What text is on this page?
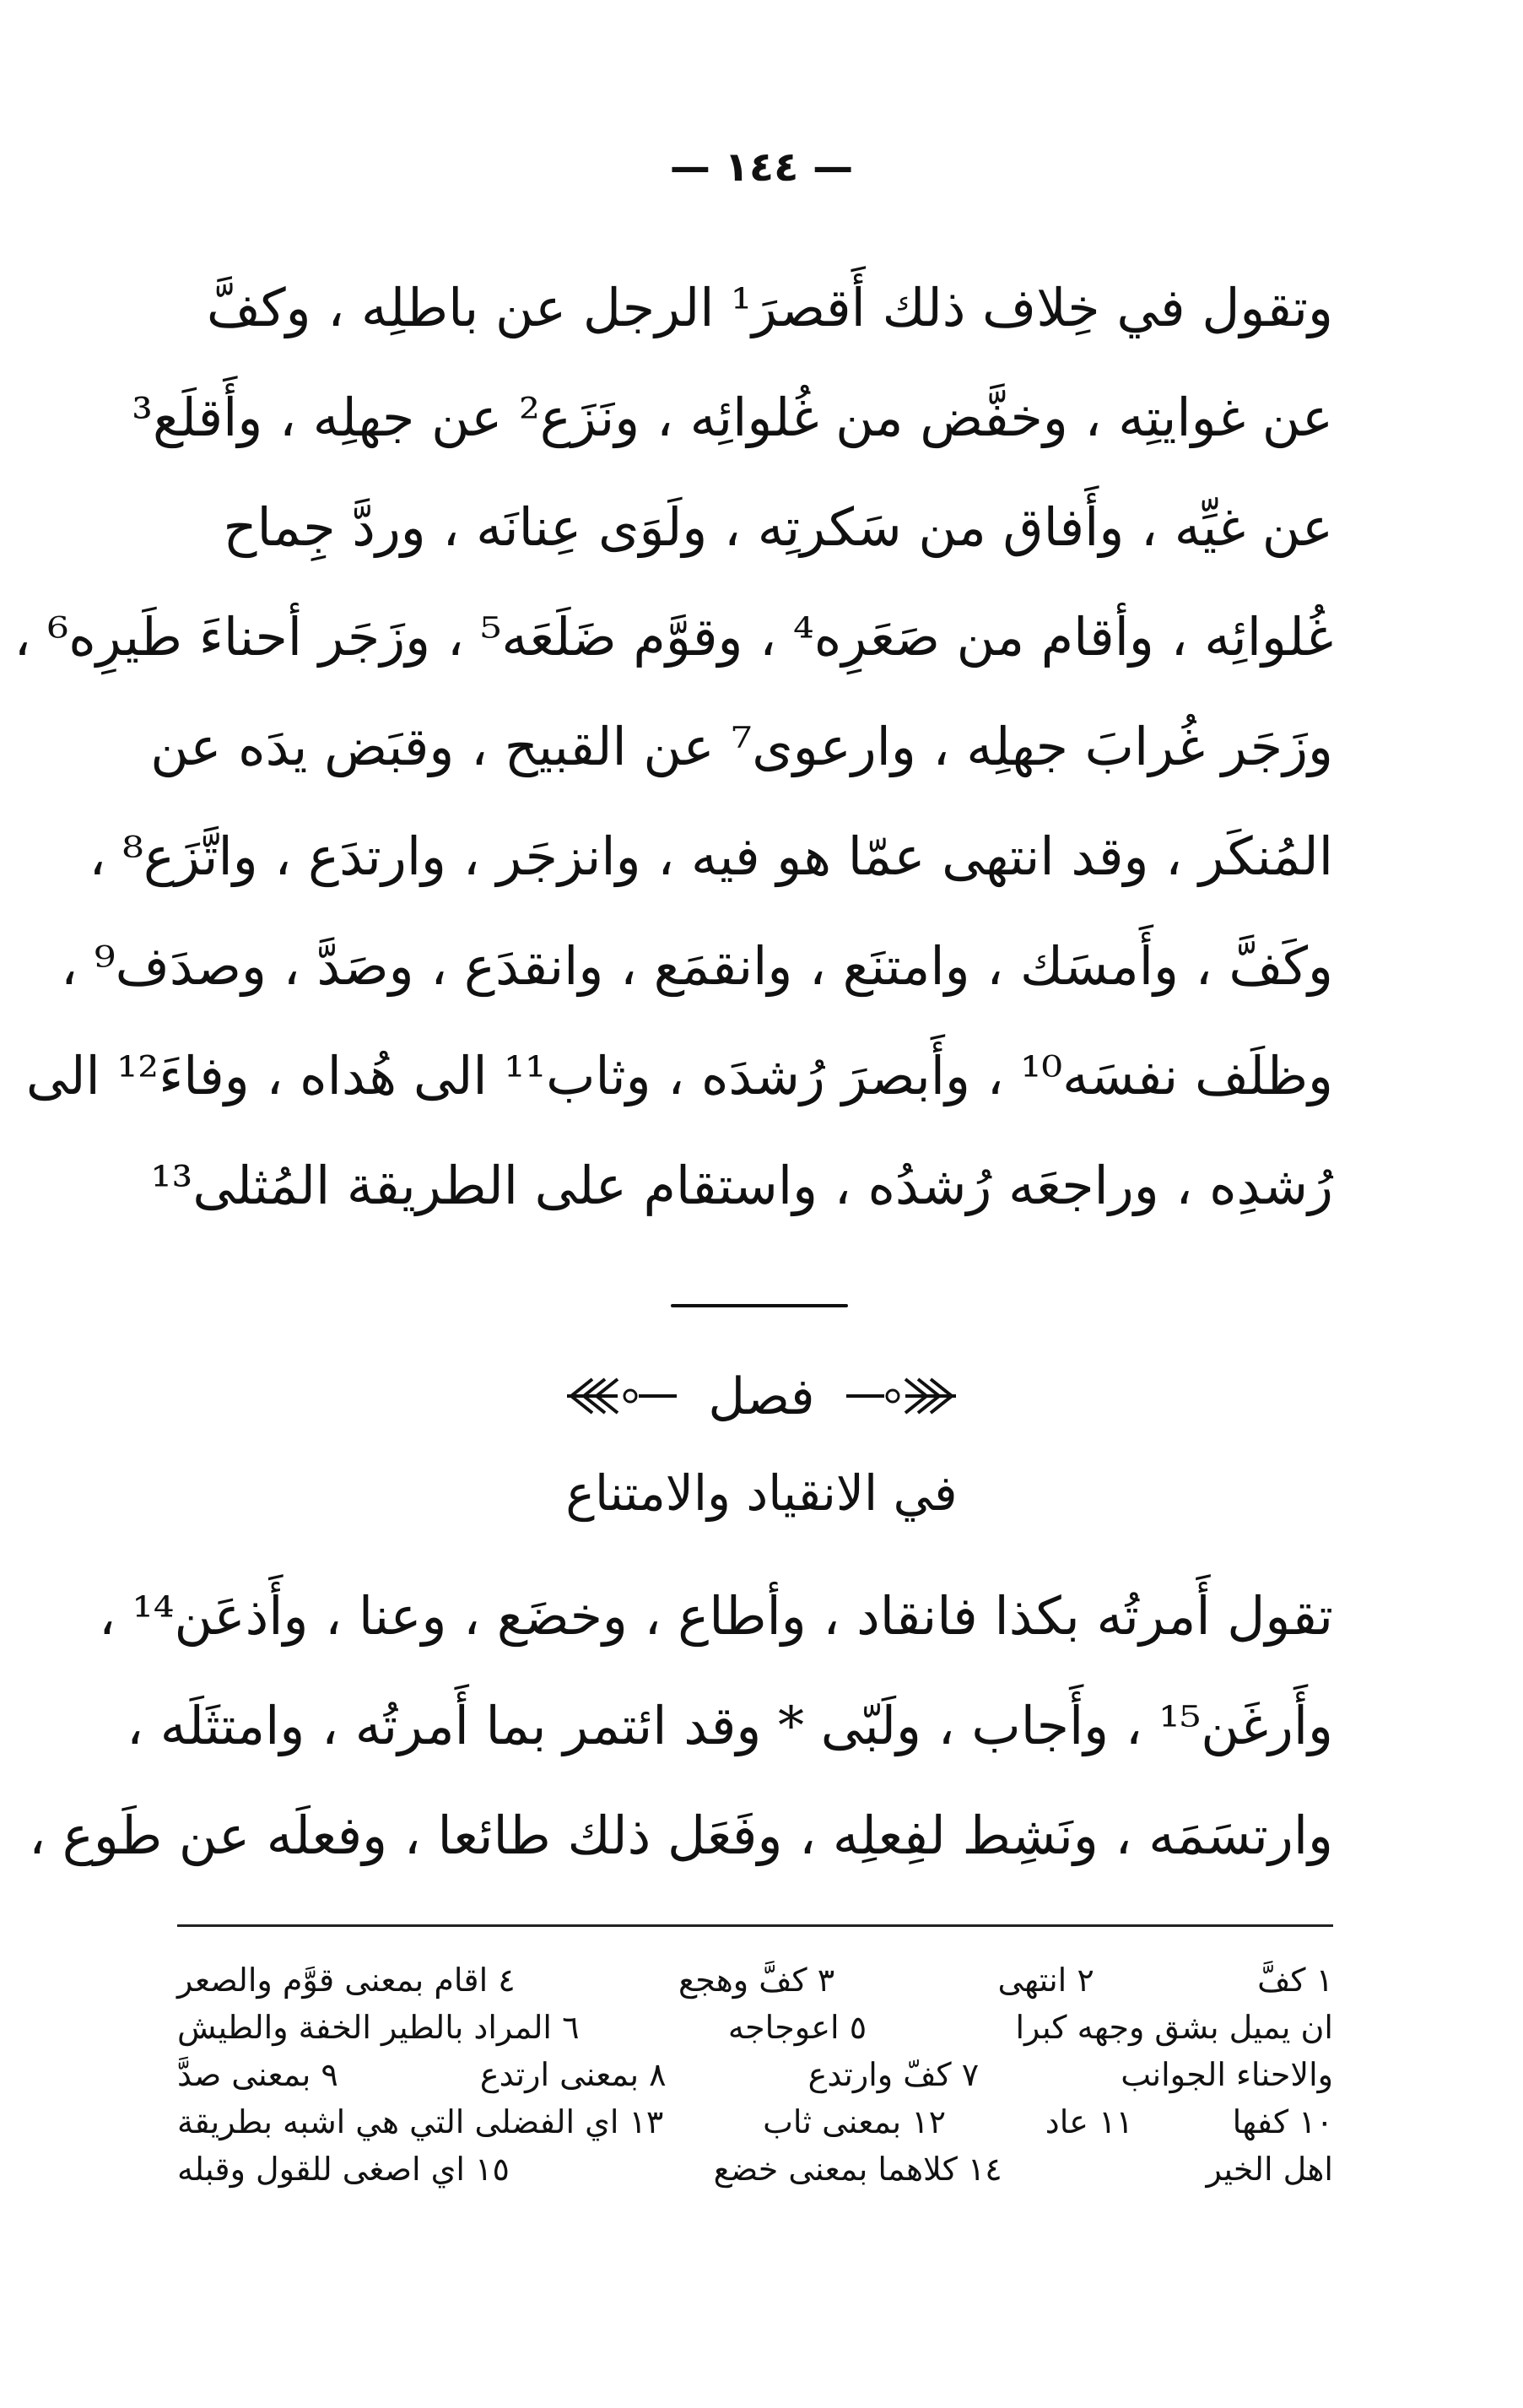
— ١٤٤ —
وتقول في خِلاف ذلك أَقصرَ¹ الرجل عن باطلِه ، وكفَّ
عن غوايتِه ، وخفَّض من غُلوائِه ، ونَزَع² عن جهلِه ، وأَقلَع³
عن غيِّه ، وأَفاق من سَكرتِه ، ولَوَى عِنانَه ، وردَّ جِماح
غُلوائِه ، وأقام من صَعَرِه⁴ ، وقوَّم ضَلَعَه⁵ ، وزَجَر أحناءَ طَيرِه⁶ ،
وزَجَر غُرابَ جهلِه ، وارعوى⁷ عن القبيح ، وقبَض يدَه عن
المُنكَر ، وقد انتهى عمّا هو فيه ، وانزجَر ، وارتدَع ، واتَّزَع⁸ ،
وكَفَّ ، وأَمسَك ، وامتنَع ، وانقمَع ، وانقدَع ، وصَدَّ ، وصدَف⁹ ،
وظلَف نفسَه¹⁰ ، وأَبصرَ رُشدَه ، وثاب¹¹ الى هُداه ، وفاءَ¹² الى
رُشدِه ، وراجعَه رُشدُه ، واستقام على الطريقة المُثلى¹³
فصل
في الانقياد والامتناع
تقول أَمرتُه بكذا فانقاد ، وأطاع ، وخضَع ، وعنا ، وأَذعَن¹⁴ ،
وأَرغَن¹⁵ ، وأَجاب ، ولَبّى * وقد ائتمر بما أَمرتُه ، وامتثَلَه ،
وارتسَمَه ، ونَشِط لفِعلِه ، وفَعَل ذلك طائعا ، وفعلَه عن طَوع ،
١ كفَّ
٢ انتهى
٣ كفَّ وهجع
٤ اقام بمعنى قوَّم والصعر
ان يميل بشق وجهه كبرا
٥ اعوجاجه
٦ المراد بالطير الخفة والطيش
والاحناء الجوانب
٧ كفّ وارتدع
٨ بمعنى ارتدع
٩ بمعنى صدَّ
١٠ كفها
١١ عاد
١٢ بمعنى ثاب
١٣ اي الفضلى التي هي اشبه بطريقة
اهل الخير
١٤ كلاهما بمعنى خضع
١٥ اي اصغى للقول وقبله
